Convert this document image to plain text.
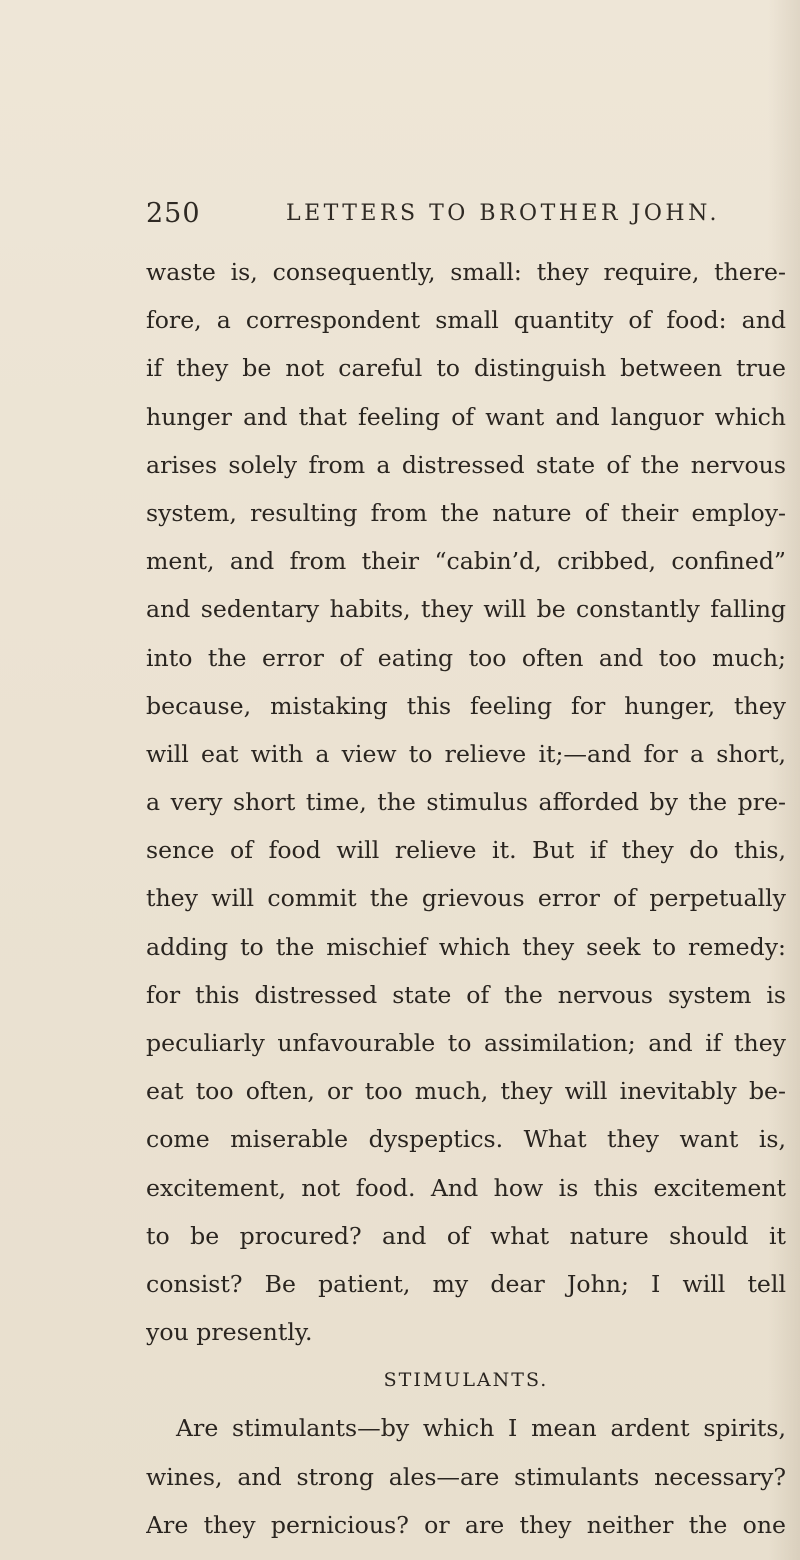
250	LETTERS TO BROTHER JOHN.
waste is, consequently, small: they require, there-
fore, a correspondent small quantity of food: and
if they be not careful to distinguish between true
hunger and that feeling of want and languor which
arises solely from a distressed state of the nervous
system, resulting from the nature of their employ-
ment, and from their “cabin’d, cribbed, confined”
and sedentary habits, they will be constantly falling
into the error of eating too often and too much;
because, mistaking this feeling for hunger, they
will eat with a view to relieve it;—and for a short,
a very short time, the stimulus afforded by the pre-
sence of food will relieve it. But if they do this,
they will commit the grievous error of perpetually
adding to the mischief which they seek to remedy:
for this distressed state of the nervous system is
peculiarly unfavourable to assimilation; and if they
eat too often, or too much, they will inevitably be-
come miserable dyspeptics. What they want is,
excitement, not food. And how is this excitement
to be procured? and of what nature should it
consist? Be patient, my dear John; I will tell
you presently.
STIMULANTS.
Are stimulants—by which I mean ardent spirits,
wines, and strong ales—are stimulants necessary?
Are they pernicious? or are they neither the one
